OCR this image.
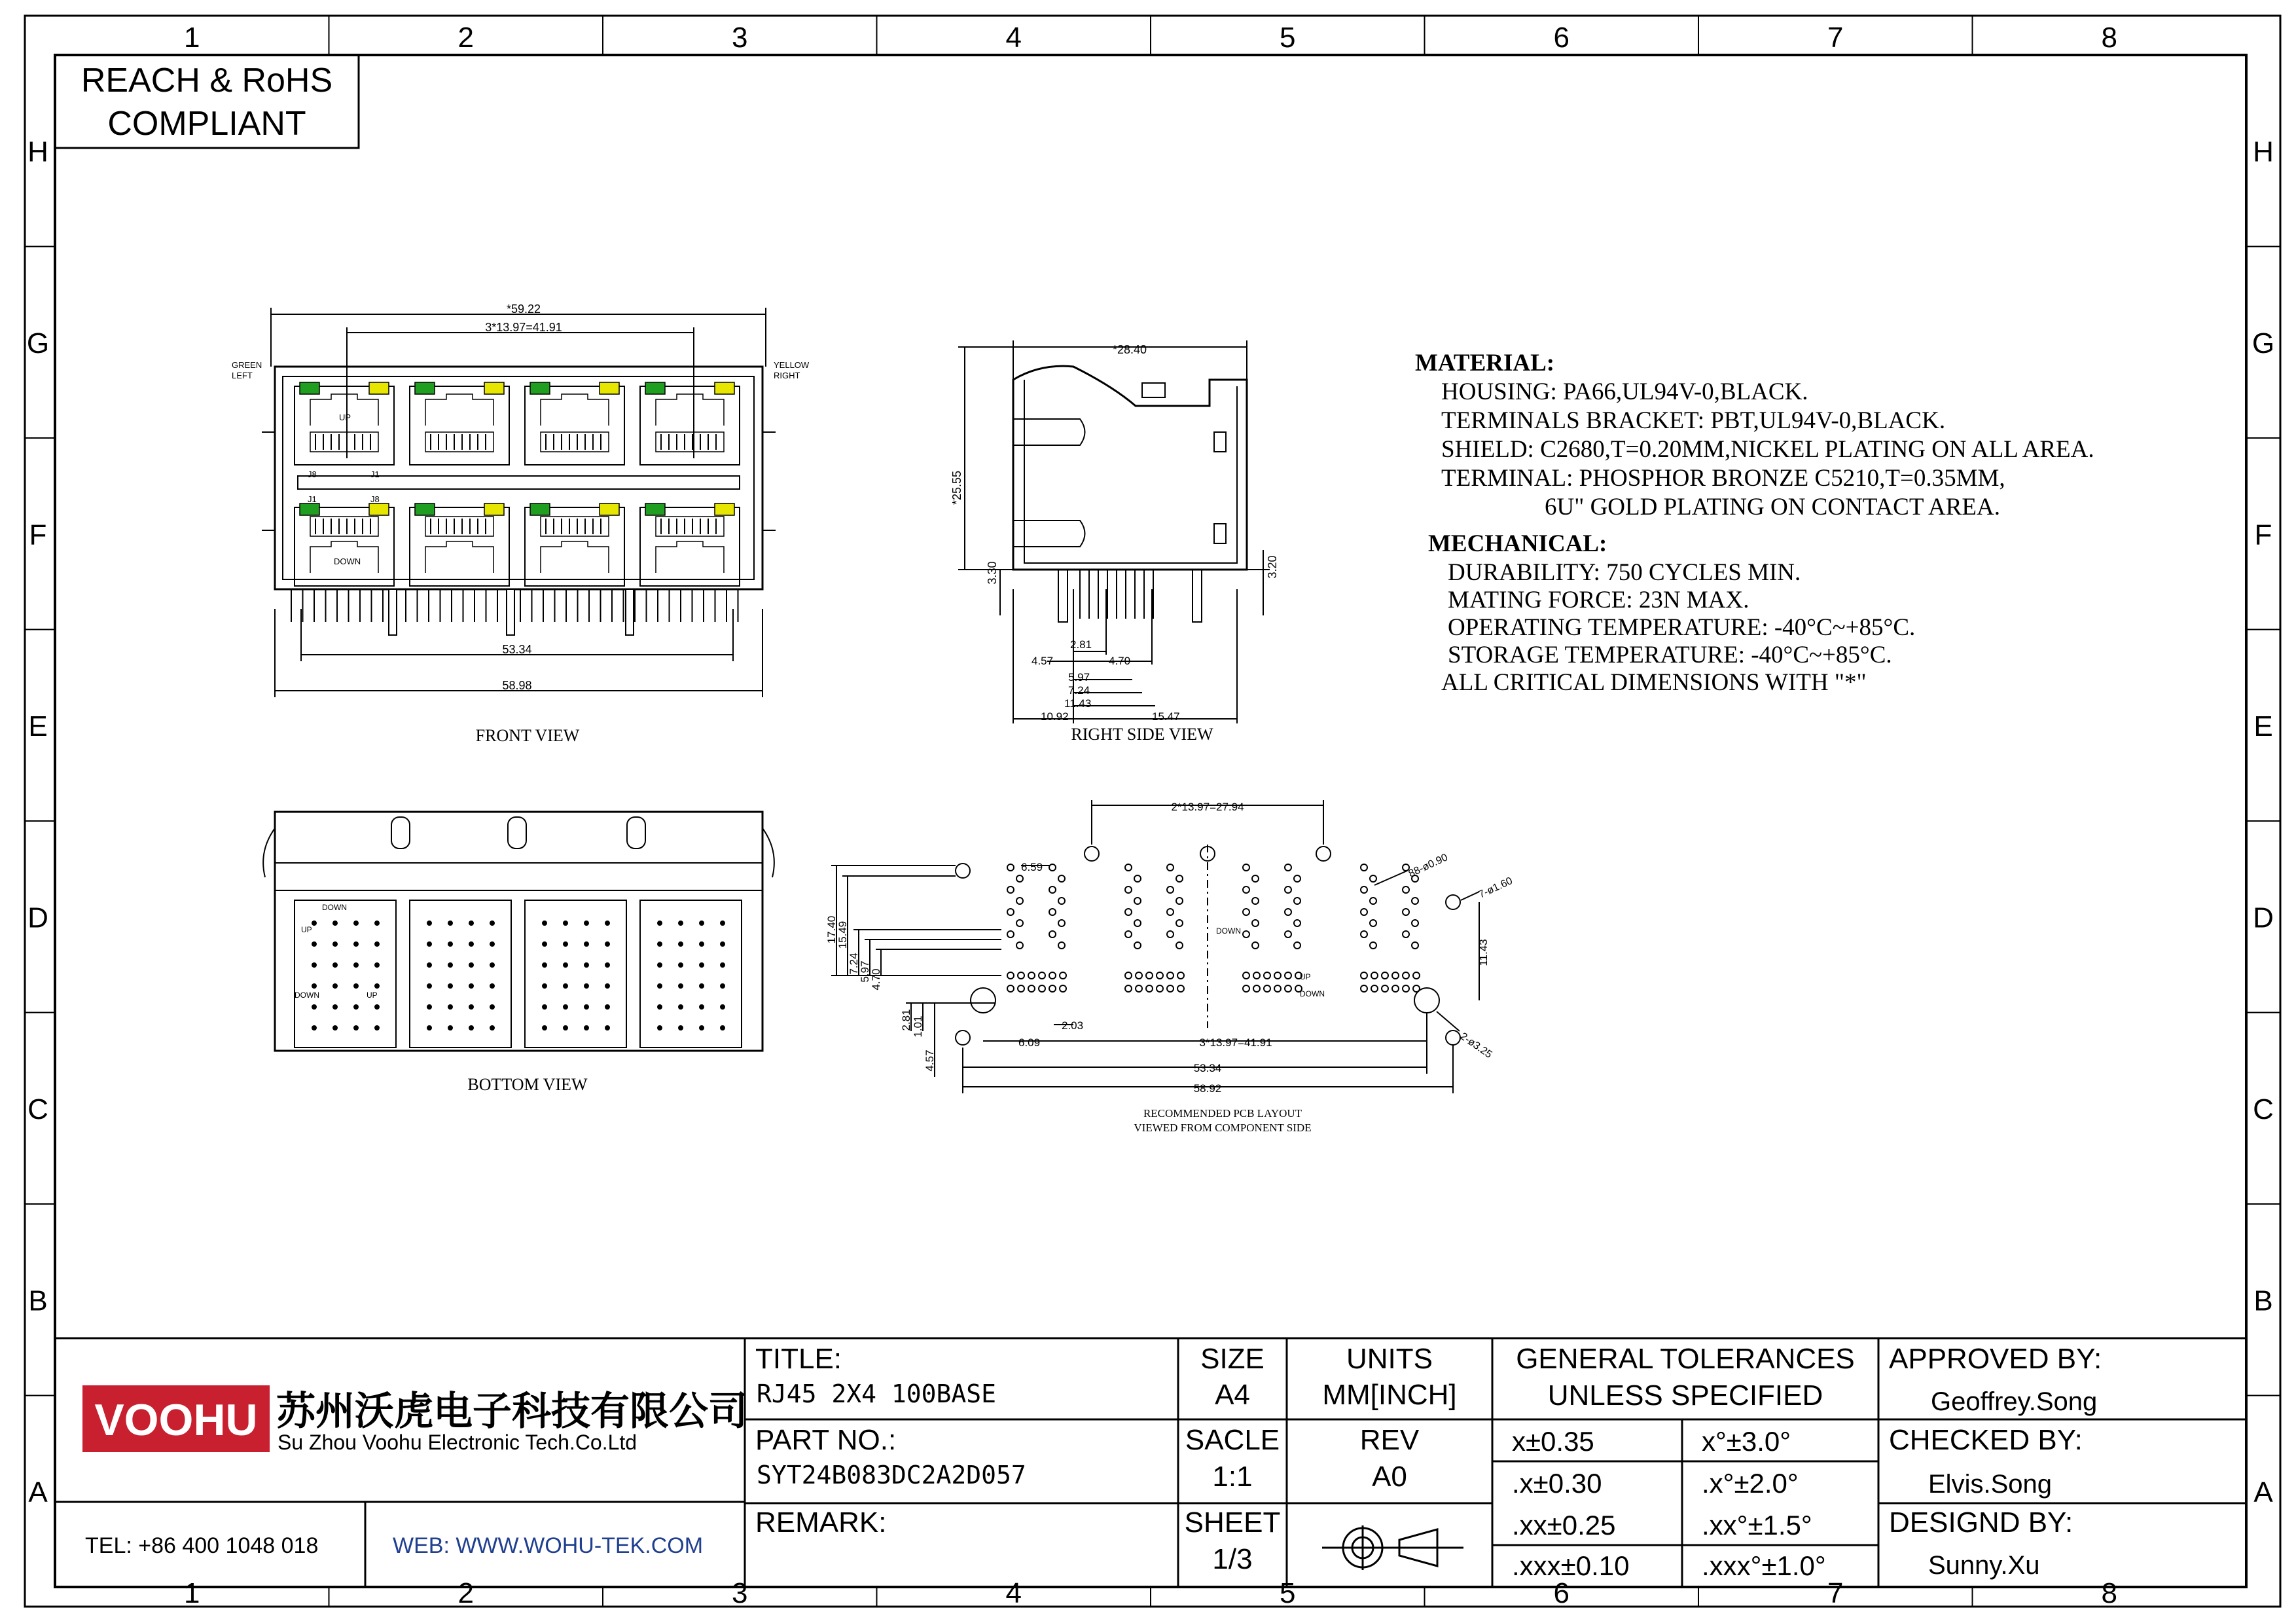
1
1
2
2
3
3
4
4
5
5
6
6
7
7
8
8
H	H
G	G
F	F
E	E
D	D
C	C
B	B
A	A
REACH & RoHS
COMPLIANT
*59.22
3*13.97=41.91
53.34
58.98
GREEN
LEFT
YELLOW
RIGHT
UP
DOWN
J8	J1
J1	J8
FRONT VIEW
*28.40
*25.55
3.30	3.20
2.81
4.57	4.70
5.97
7.24
11.43
10.92	15.47
RIGHT SIDE VIEW
DOWN
UP
DOWN	UP
BOTTOM VIEW
2*13.97=27.94
6.59
17.40
15.49
7.24
5.97
4.70
2.81 1.01
4.57
6.09
2.03
3*13.97=41.91
53.34
58.92
88-ø0.90
7-ø1.60
11.43
2-ø3.25
DOWN
UP
DOWN
RECOMMENDED PCB LAYOUT
VIEWED FROM COMPONENT SIDE
MATERIAL:
HOUSING: PA66,UL94V-0,BLACK.
TERMINALS BRACKET: PBT,UL94V-0,BLACK.
SHIELD: C2680,T=0.20MM,NICKEL PLATING ON ALL AREA.
TERMINAL: PHOSPHOR BRONZE C5210,T=0.35MM,
6U" GOLD PLATING ON CONTACT AREA.
MECHANICAL:
DURABILITY: 750 CYCLES MIN.
MATING FORCE: 23N MAX.
OPERATING TEMPERATURE: -40°C~+85°C.
STORAGE TEMPERATURE: -40°C~+85°C.
ALL CRITICAL DIMENSIONS WITH "*"
VOOHU 苏州沃虎电子科技有限公司
Su Zhou Voohu Electronic Tech.Co.Ltd
TEL: +86 400 1048 018	WEB: WWW.WOHU-TEK.COM
TITLE:
RJ45 2X4 100BASE
PART NO.:
SYT24B083DC2A2D057
REMARK:
SIZE
A4
UNITS
MM[INCH]
SACLE
1:1
REV
A0
SHEET
1/3
GENERAL TOLERANCES
UNLESS SPECIFIED
x±0.35	x°±3.0°
.x±0.30	.x°±2.0°
.xx±0.25	.xx°±1.5°
.xxx±0.10	.xxx°±1.0°
APPROVED BY:
Geoffrey.Song
CHECKED BY:
Elvis.Song
DESIGND BY:
Sunny.Xu
